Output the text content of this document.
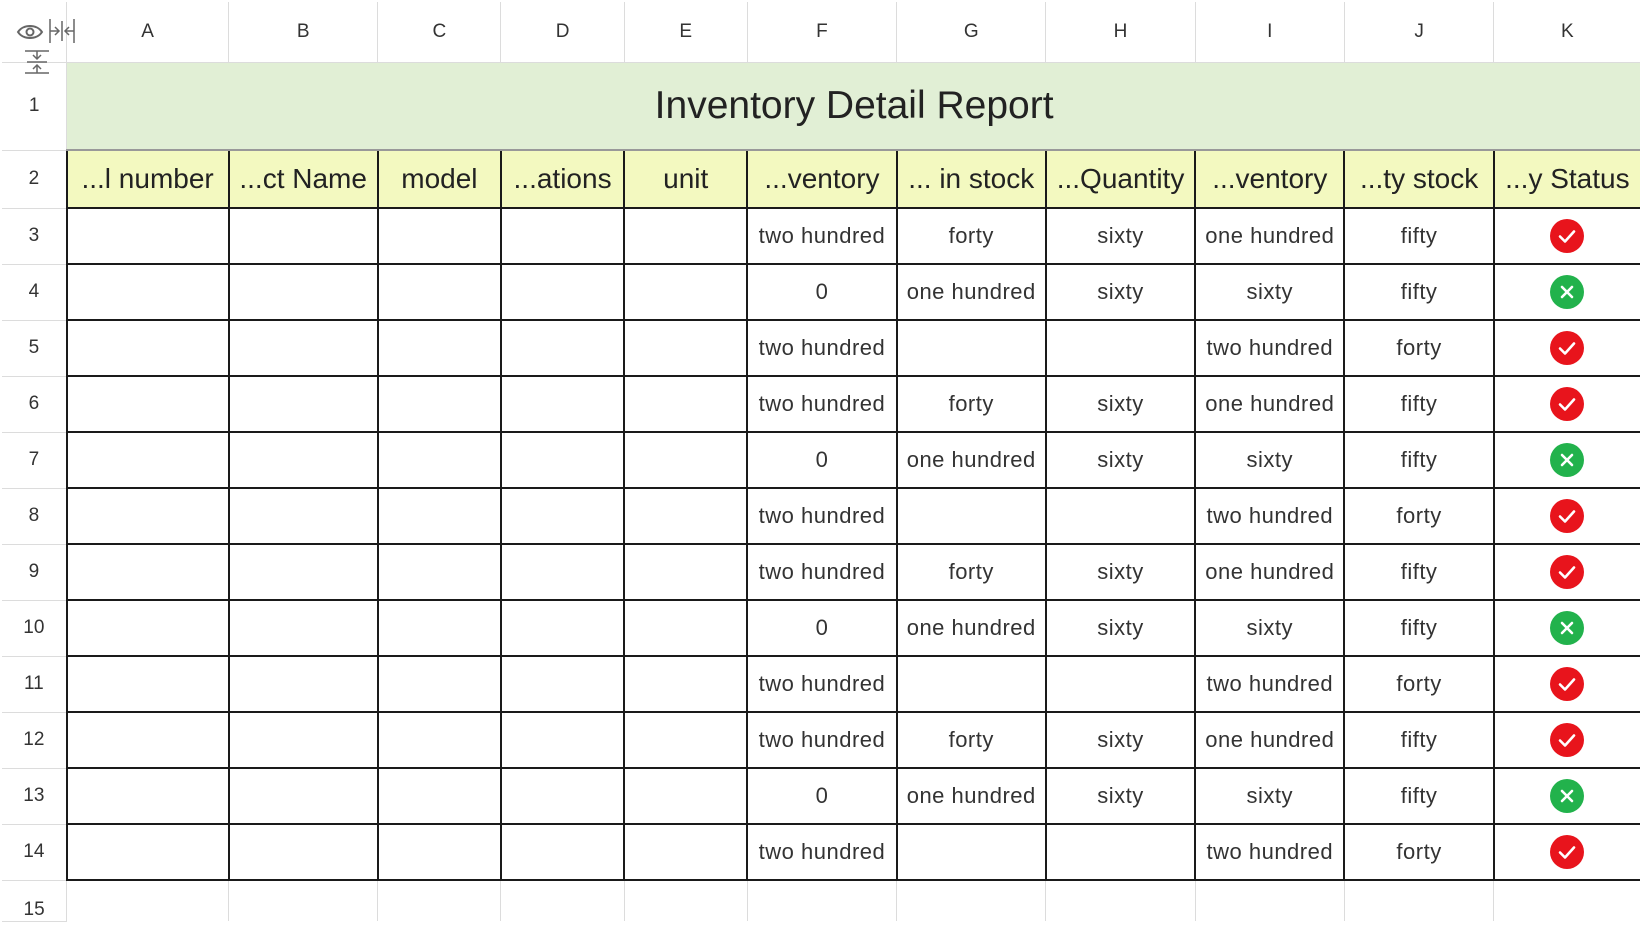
	A	B	C	D	E	F	G	H	I	J	K
1	Inventory Detail Report										
2	...l number	...ct Name	model	...ations	unit	...ventory	... in stock	...Quantity	...ventory	...ty stock	...y Status
3						two hundred	forty	sixty	one hundred	fifty	

4						0	one hundred	sixty	sixty	fifty	

5						two hundred			two hundred	forty	

6						two hundred	forty	sixty	one hundred	fifty	

7						0	one hundred	sixty	sixty	fifty	

8						two hundred			two hundred	forty	

9						two hundred	forty	sixty	one hundred	fifty	

10						0	one hundred	sixty	sixty	fifty	

11						two hundred			two hundred	forty	

12						two hundred	forty	sixty	one hundred	fifty	

13						0	one hundred	sixty	sixty	fifty	

14						two hundred			two hundred	forty	

15											
